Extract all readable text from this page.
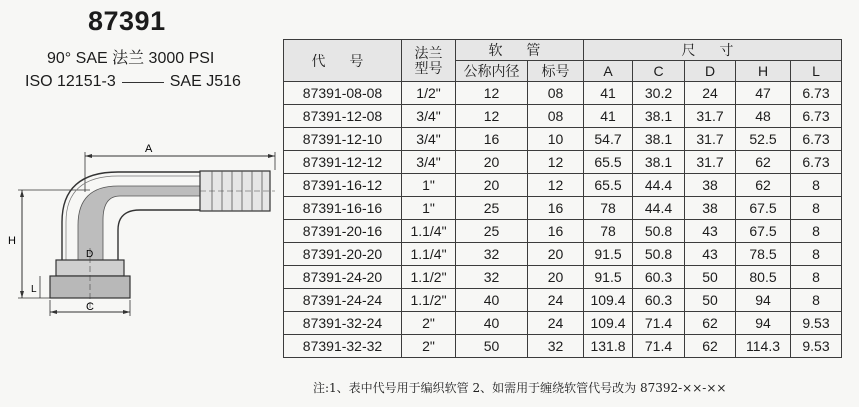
87391
90° SAE 法兰 3000 PSI
ISO 12151-3	SAE J516
A
H
L
D
C
代 号	法兰
型号	软 管		尺 寸				
		公称内径	标号	A	C	D	H	L
87391-08-08	1/2"	12	08	41	30.2	24	47	6.73
87391-12-08	3/4"	12	08	41	38.1	31.7	48	6.73
87391-12-10	3/4"	16	10	54.7	38.1	31.7	52.5	6.73
87391-12-12	3/4"	20	12	65.5	38.1	31.7	62	6.73
87391-16-12	1"	20	12	65.5	44.4	38	62	8
87391-16-16	1"	25	16	78	44.4	38	67.5	8
87391-20-16	1.1/4"	25	16	78	50.8	43	67.5	8
87391-20-20	1.1/4"	32	20	91.5	50.8	43	78.5	8
87391-24-20	1.1/2"	32	20	91.5	60.3	50	80.5	8
87391-24-24	1.1/2"	40	24	109.4	60.3	50	94	8
87391-32-24	2"	40	24	109.4	71.4	62	94	9.53
87391-32-32	2"	50	32	131.8	71.4	62	114.3	9.53
注:1、表中代号用于编织软管 2、如需用于缠绕软管代号改为 87392-××-××
